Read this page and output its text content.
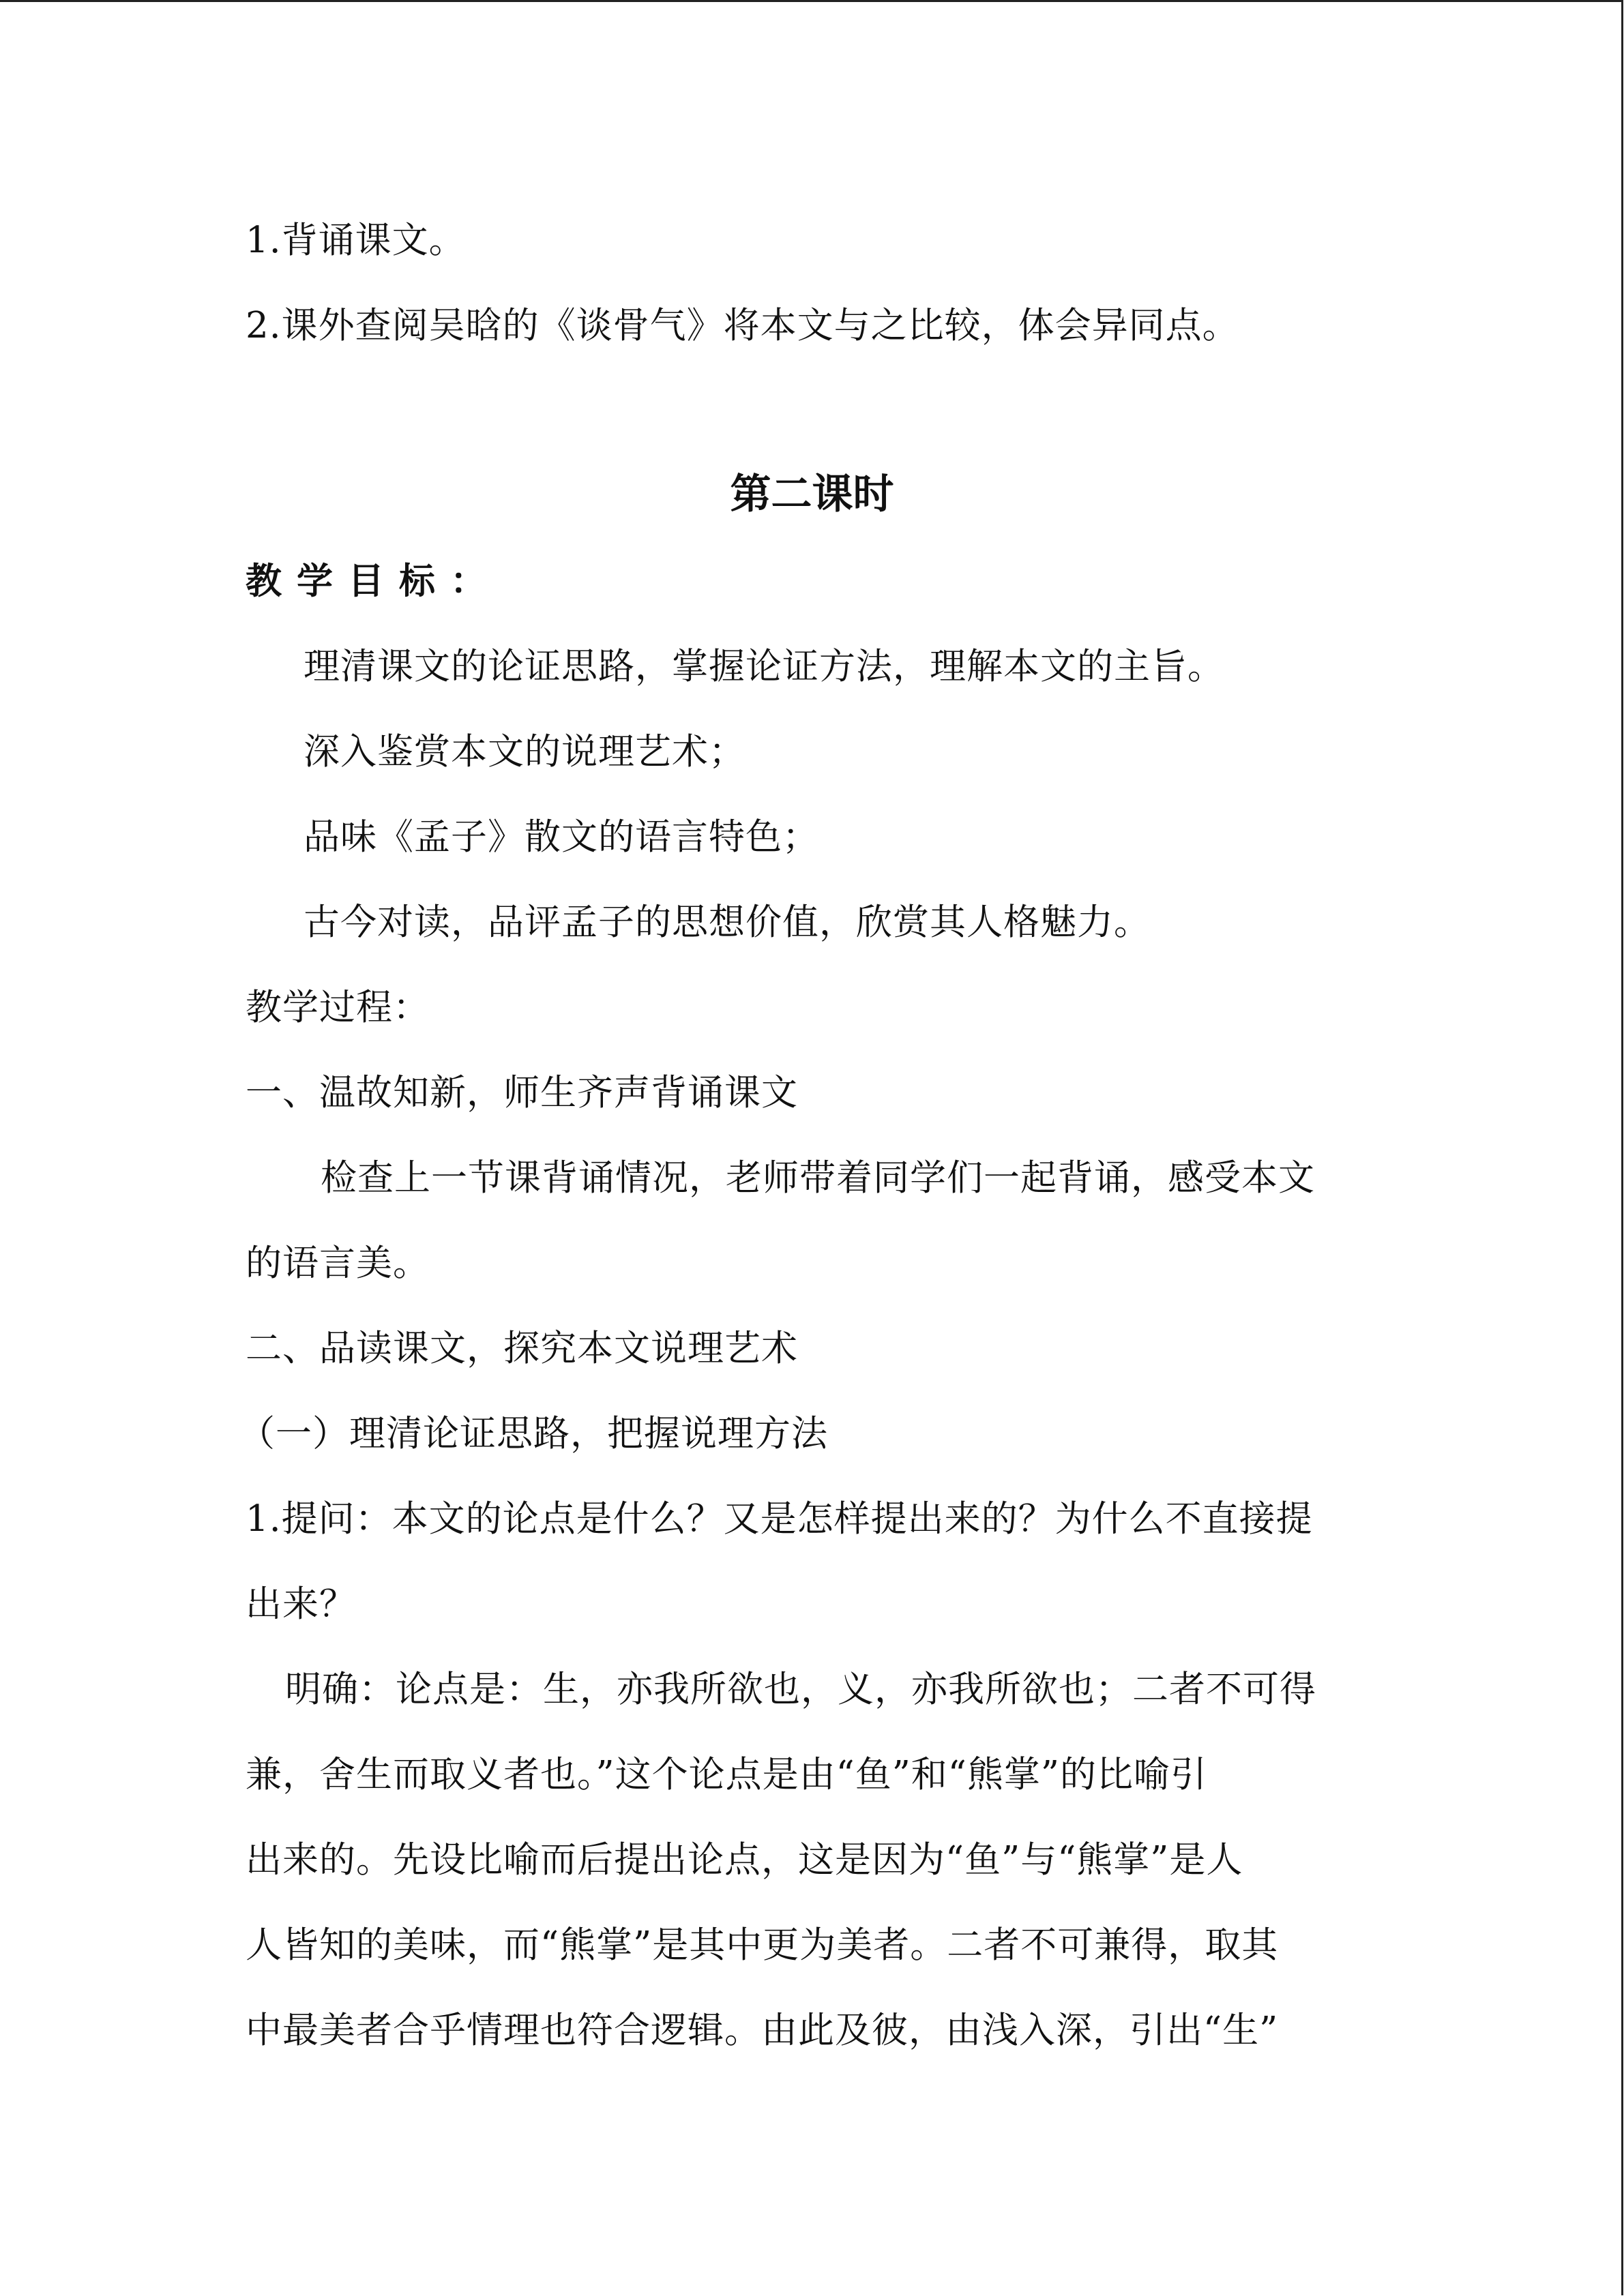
1.背诵课文。
2.课外查阅吴晗的《谈骨气》将本文与之比较，体会异同点。
第二课时
教学目标：
理清课文的论证思路，掌握论证方法，理解本文的主旨。
深入鉴赏本文的说理艺术；
品味《孟子》散文的语言特色；
古今对读，品评孟子的思想价值，欣赏其人格魅力。
教学过程：
一、温故知新，师生齐声背诵课文
检查上一节课背诵情况，老师带着同学们一起背诵，感受本文
的语言美。
二、品读课文，探究本文说理艺术
（一）理清论证思路，把握说理方法
1.提问：本文的论点是什么？又是怎样提出来的？为什么不直接提
出来？
明确：论点是：生，亦我所欲也，义，亦我所欲也；二者不可得
兼，舍生而取义者也。”这个论点是由“鱼”和“熊掌”的比喻引
出来的。先设比喻而后提出论点，这是因为“鱼”与“熊掌”是人
人皆知的美味，而“熊掌”是其中更为美者。二者不可兼得，取其
中最美者合乎情理也符合逻辑。由此及彼，由浅入深，引出“生”
